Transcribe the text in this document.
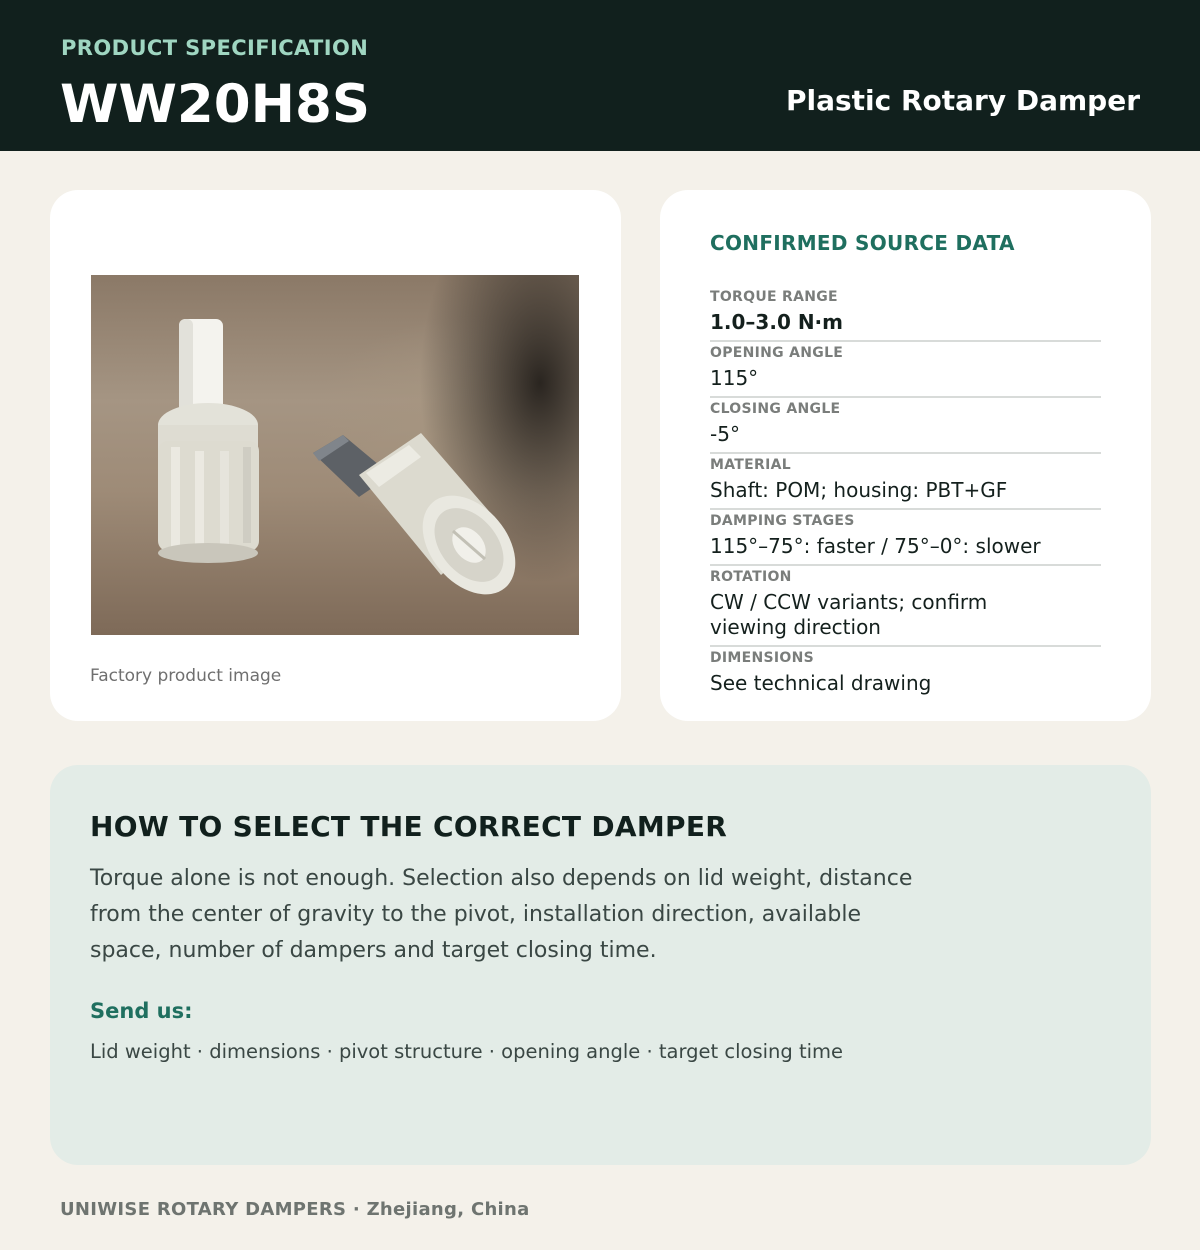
PRODUCT SPECIFICATION
WW20H8S	Plastic Rotary Damper
Factory product image
CONFIRMED SOURCE DATA
TORQUE RANGE
1.0–3.0 N·m
OPENING ANGLE
115°
CLOSING ANGLE
-5°
MATERIAL
Shaft: POM; housing: PBT+GF
DAMPING STAGES
115°–75°: faster / 75°–0°: slower
ROTATION
CW / CCW variants; confirm viewing direction
DIMENSIONS
See technical drawing
HOW TO SELECT THE CORRECT DAMPER
Torque alone is not enough. Selection also depends on lid weight, distance from the center of gravity to the pivot, installation direction, available space, number of dampers and target closing time.
Send us:
Lid weight · dimensions · pivot structure · opening angle · target closing time
UNIWISE ROTARY DAMPERS · Zhejiang, China
